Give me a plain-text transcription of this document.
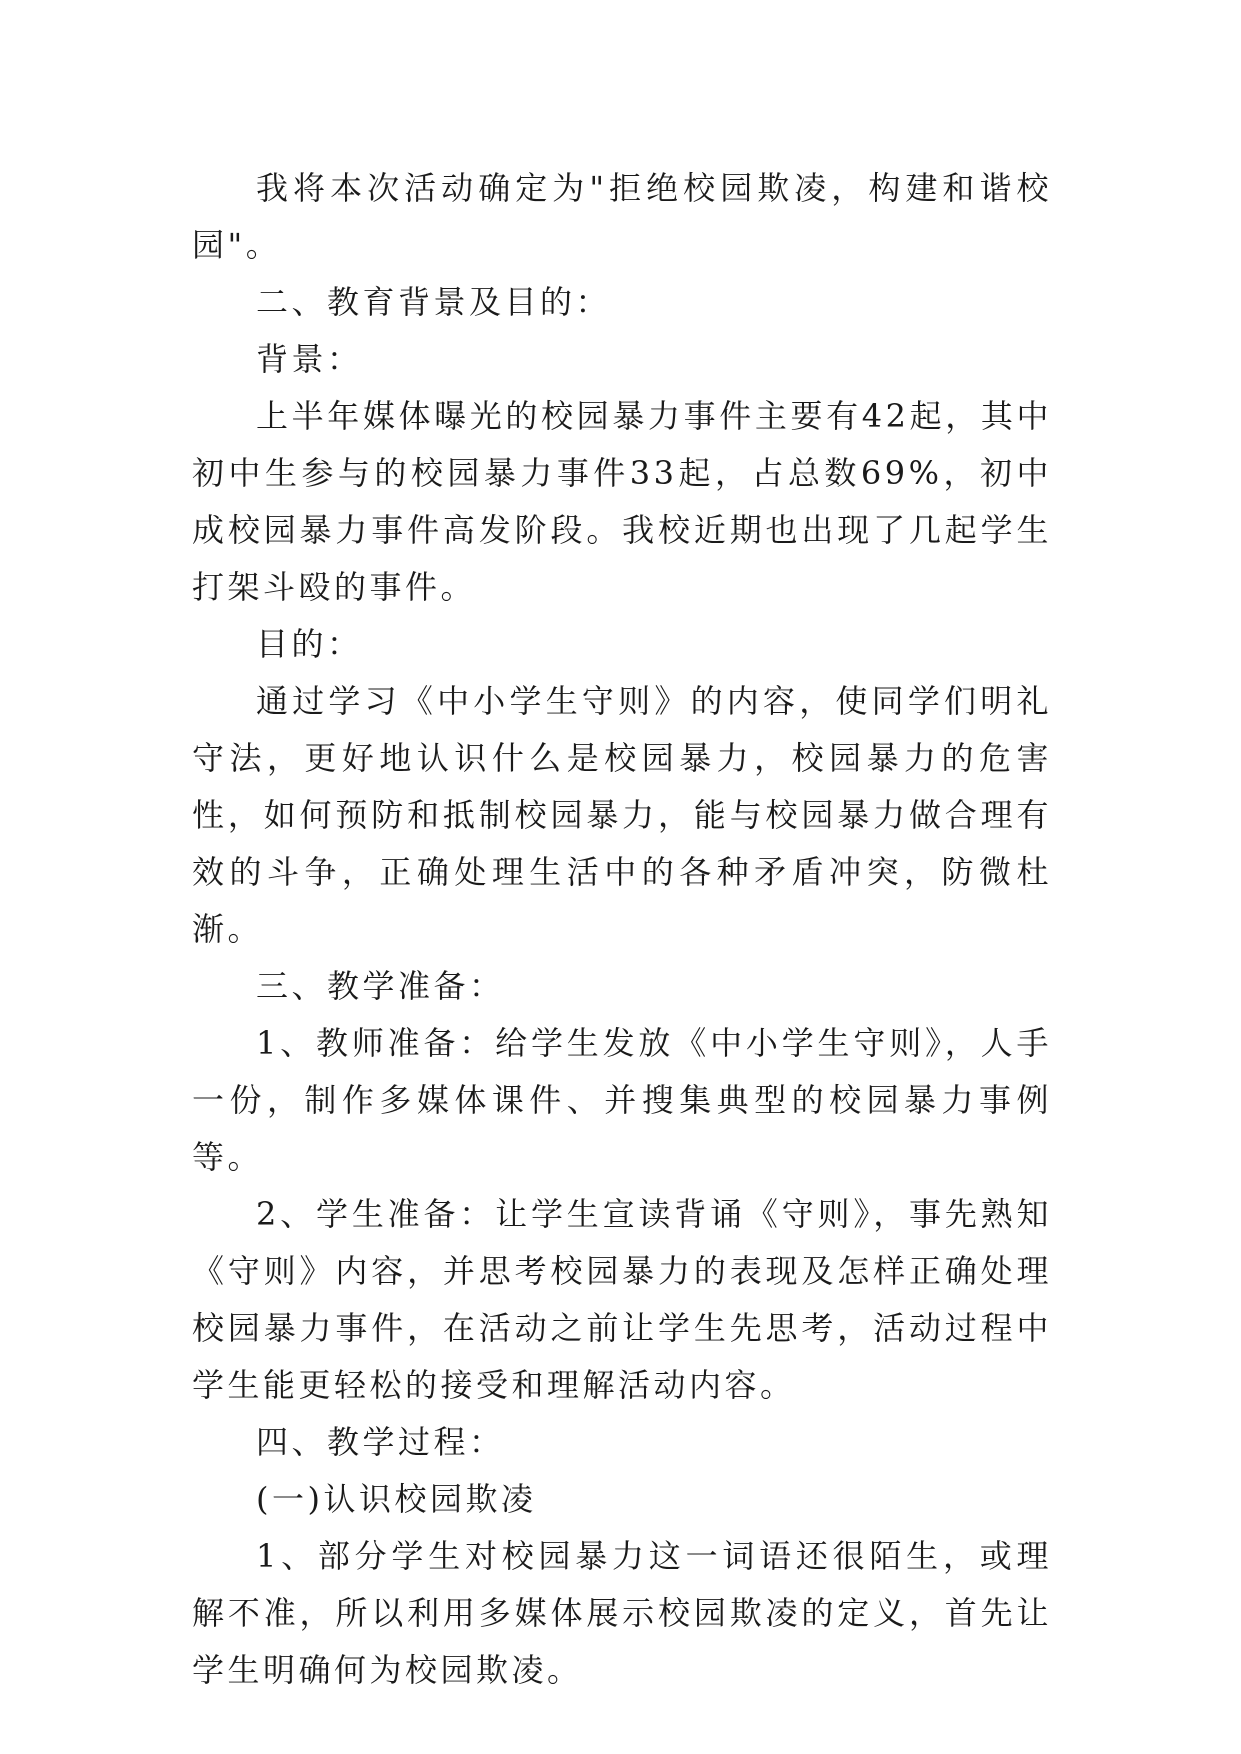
我将本次活动确定为"拒绝校园欺凌，构建和谐校园"。

二、教育背景及目的：

背景：

上半年媒体曝光的校园暴力事件主要有42起，其中初中生参与的校园暴力事件33起，占总数69%，初中成校园暴力事件高发阶段。我校近期也出现了几起学生打架斗殴的事件。

目的：

通过学习《中小学生守则》的内容，使同学们明礼守法，更好地认识什么是校园暴力，校园暴力的危害性，如何预防和抵制校园暴力，能与校园暴力做合理有效的斗争，正确处理生活中的各种矛盾冲突，防微杜渐。

三、教学准备：

1、教师准备：给学生发放《中小学生守则》，人手一份，制作多媒体课件、并搜集典型的校园暴力事例等。

2、学生准备：让学生宣读背诵《守则》，事先熟知《守则》内容，并思考校园暴力的表现及怎样正确处理校园暴力事件，在活动之前让学生先思考，活动过程中学生能更轻松的接受和理解活动内容。

四、教学过程：

(一)认识校园欺凌

1、部分学生对校园暴力这一词语还很陌生，或理解不准，所以利用多媒体展示校园欺凌的定义，首先让学生明确何为校园欺凌。
